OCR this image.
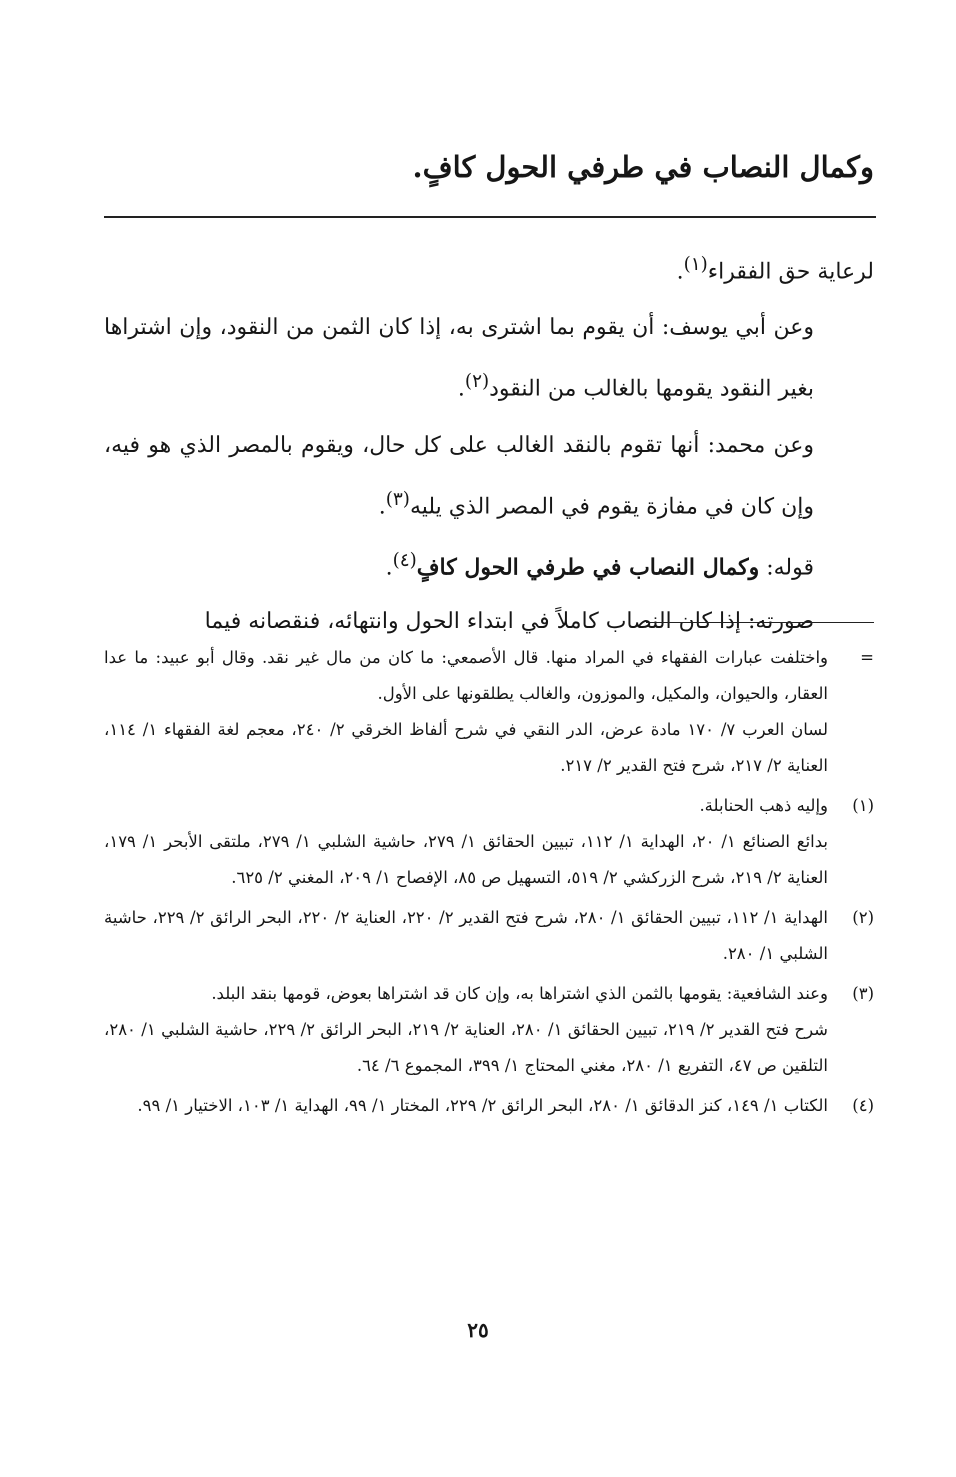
وكمال النصاب في طرفي الحول كافٍ.

لرعاية حق الفقراء$^{(١)}$.

وعن أبي يوسف: أن يقوم بما اشترى به، إذا كان الثمن من النقود، وإن اشتراها بغير النقود يقومها بالغالب من النقود$^{(٢)}$.

وعن محمد: أنها تقوم بالنقد الغالب على كل حال، ويقوم بالمصر الذي هو فيه، وإن كان في مفازة يقوم في المصر الذي يليه$^{(٣)}$.

قوله: وكمال النصاب في طرفي الحول كافٍ$^{(٤)}$.

صورته: إذا كان النصاب كاملاً في ابتداء الحول وانتهائه، فنقصانه فيما

=

واختلفت عبارات الفقهاء في المراد منها. قال الأصمعي: ما كان من مال غير نقد. وقال أبو عبيد: ما عدا العقار، والحيوان، والمكيل، والموزون، والغالب يطلقونها على الأول.

لسان العرب ٧/ ١٧٠ مادة عرض، الدر النقي في شرح ألفاظ الخرقي ٢/ ٢٤٠، معجم لغة الفقهاء ١/ ١١٤، العناية ٢/ ٢١٧، شرح فتح القدير ٢/ ٢١٧.

(١)

وإليه ذهب الحنابلة.

بدائع الصنائع ١/ ٢٠، الهداية ١/ ١١٢، تبيين الحقائق ١/ ٢٧٩، حاشية الشلبي ١/ ٢٧٩، ملتقى الأبحر ١/ ١٧٩، العناية ٢/ ٢١٩، شرح الزركشي ٢/ ٥١٩، التسهيل ص ٨٥، الإفصاح ١/ ٢٠٩، المغني ٢/ ٦٢٥.

(٢)

الهداية ١/ ١١٢، تبيين الحقائق ١/ ٢٨٠، شرح فتح القدير ٢/ ٢٢٠، العناية ٢/ ٢٢٠، البحر الرائق ٢/ ٢٢٩، حاشية الشلبي ١/ ٢٨٠.

(٣)

وعند الشافعية: يقومها بالثمن الذي اشتراها به، وإن كان قد اشتراها بعوض، قومها بنقد البلد.

شرح فتح القدير ٢/ ٢١٩، تبيين الحقائق ١/ ٢٨٠، العناية ٢/ ٢١٩، البحر الرائق ٢/ ٢٢٩، حاشية الشلبي ١/ ٢٨٠، التلقين ص ٤٧، التفريع ١/ ٢٨٠، مغني المحتاج ١/ ٣٩٩، المجموع ٦/ ٦٤.

(٤)

الكتاب ١/ ١٤٩، كنز الدقائق ١/ ٢٨٠، البحر الرائق ٢/ ٢٢٩، المختار ١/ ٩٩، الهداية ١/ ١٠٣، الاختيار ١/ ٩٩.

٢٥
